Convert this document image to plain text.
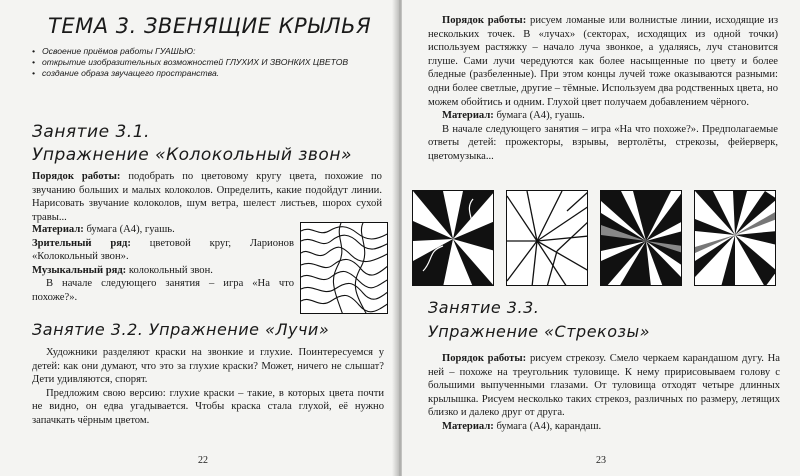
ТЕМА 3. ЗВЕНЯЩИЕ КРЫЛЬЯ
• Освоение приёмов работы ГУАШЬЮ:
• открытие изобразительных возможностей ГЛУХИХ И ЗВОНКИХ ЦВЕТОВ
• создание образа звучащего пространства.
Занятие 3.1.
Упражнение «Колокольный звон»
Порядок работы: подобрать по цветовому кругу цвета, похожие по звучанию больших и малых колоколов. Определить, какие подойдут линии. Нарисовать звучание колоколов, шум ветра, шелест листьев, шорох сухой травы...
Материал: бумага (А4), гуашь.
Зрительный ряд: цветовой круг, Ларионов «Колокольный звон».
Музыкальный ряд: колокольный звон.
В начале следующего занятия – игра «На что похоже?».
Занятие 3.2. Упражнение «Лучи»

Художники разделяют краски на звонкие и глухие. Поинтересуемся у детей: как они думают, что это за глухие краски? Может, ничего не слышат? Дети удивляются, спорят.

Предложим свою версию: глухие краски – такие, в которых цвета почти не видно, он едва угадывается. Чтобы краска стала глухой, её нужно запачкать чёрным цветом.

22

Порядок работы: рисуем ломаные или волнистые линии, исходящие из нескольких точек. В «лучах» (секторах, исходящих из одной точки) используем растяжку – начало луча звонкое, а удаляясь, луч становится глуше. Сами лучи чередуются как более насыщенные по цвету и более бледные (разбеленные). При этом концы лучей тоже оказываются разными: одни более светлые, другие – тёмные. Используем два родственных цвета, но можем обойтись и одним. Глухой цвет получаем добавлением чёрного.

Материал: бумага (А4), гуашь.

В начале следующего занятия – игра «На что похоже?». Предполагаемые ответы детей: прожекторы, взрывы, вертолёты, стрекозы, фейерверк, цветомузыка...

Занятие 3.3.
Упражнение «Стрекозы»

Порядок работы: рисуем стрекозу. Смело черкаем карандашом дугу. На ней – похоже на треугольник туловище. К нему пририсовываем голову с большими выпученными глазами. От туловища отходят четыре длинных крылышка. Рисуем несколько таких стрекоз, различных по размеру, летящих близко и далеко друг от друга.

Материал: бумага (А4), карандаш.

23
